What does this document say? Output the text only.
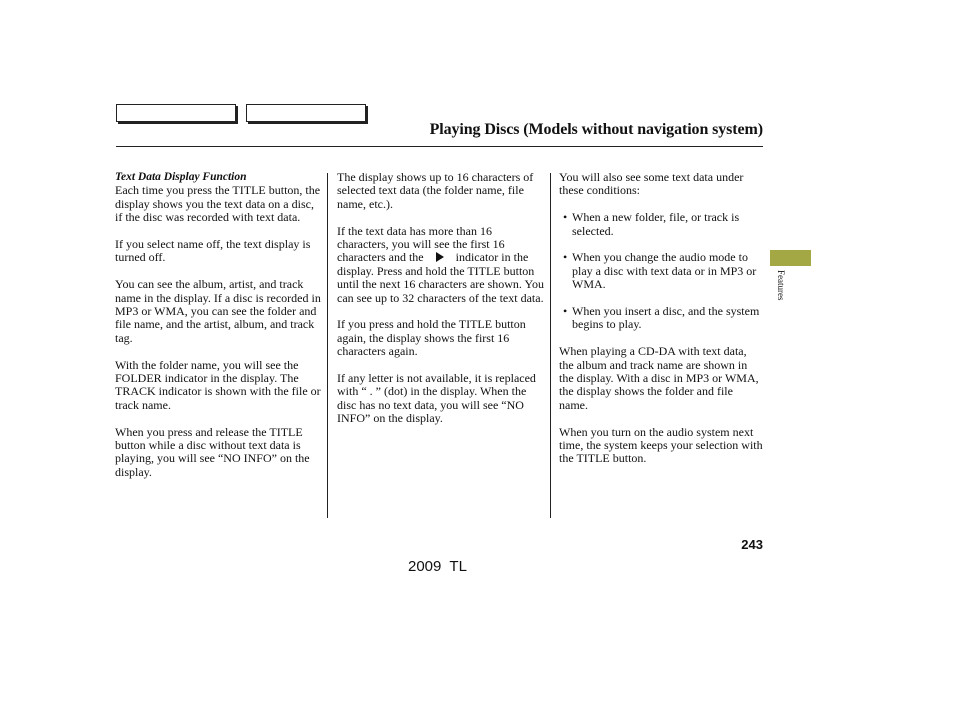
Playing Discs (Models without navigation system)
Text Data Display Function

Each time you press the TITLE button, the display shows you the text data on a disc, if the disc was recorded with text data.

If you select name off, the text display is turned off.

You can see the album, artist, and track name in the display. If a disc is recorded in MP3 or WMA, you can see the folder and file name, and the artist, album, and track tag.

With the folder name, you will see the FOLDER indicator in the display. The TRACK indicator is shown with the file or track name.

When you press and release the TITLE button while a disc without text data is playing, you will see “NO INFO” on the display.

The display shows up to 16 characters of selected text data (the folder name, file name, etc.).

If the text data has more than 16 characters, you will see the first 16 characters and the	indicator in the display. Press and hold the TITLE button until the next 16 characters are shown. You can see up to 32 characters of the text data.

If you press and hold the TITLE button again, the display shows the first 16 characters again.

If any letter is not available, it is replaced with “ . ” (dot) in the display. When the disc has no text data, you will see “NO INFO” on the display.

You will also see some text data under these conditions:

• When a new folder, file, or track is selected.
• When you change the audio mode to play a disc with text data or in MP3 or WMA.
• When you insert a disc, and the system begins to play.

When playing a CD-DA with text data, the album and track name are shown in the display. With a disc in MP3 or WMA, the display shows the folder and file name.

When you turn on the audio system next time, the system keeps your selection with the TITLE button.

Features
243
2009  TL
